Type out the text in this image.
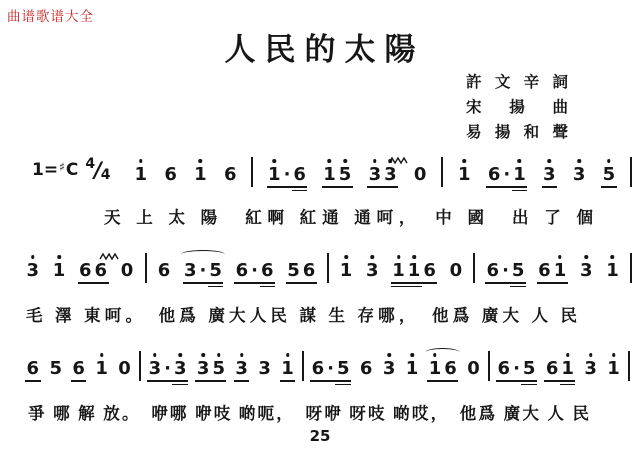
曲谱歌谱大全
人民的太陽
許文辛詞
宋揚曲
易揚和聲
1= ♯ C 4 / 4 1 6 1 6 1 · 6 1 5 3 3 0 1 6 · 1 3 3 5
天 上 太 陽　紅啊 紅通 通呵，　中 國　出 了 個
3 1 6 6 0 6 3 · 5 6 · 6 5 6 1 3 1 1 6 0 6 · 5 6 1 3 1
毛 澤 東呵。　他爲 廣大人民 謀 生 存哪，　他爲 廣大 人 民
6 5 6 1 0 3 · 3 3 5 3 3 1 6 · 5 6 3 1 1 6 0 6 · 5 6 1 3 1
爭 哪 解 放。　咿哪 咿吱 啲呃，　呀咿 呀吱 啲哎，　他爲 廣大 人 民
25
